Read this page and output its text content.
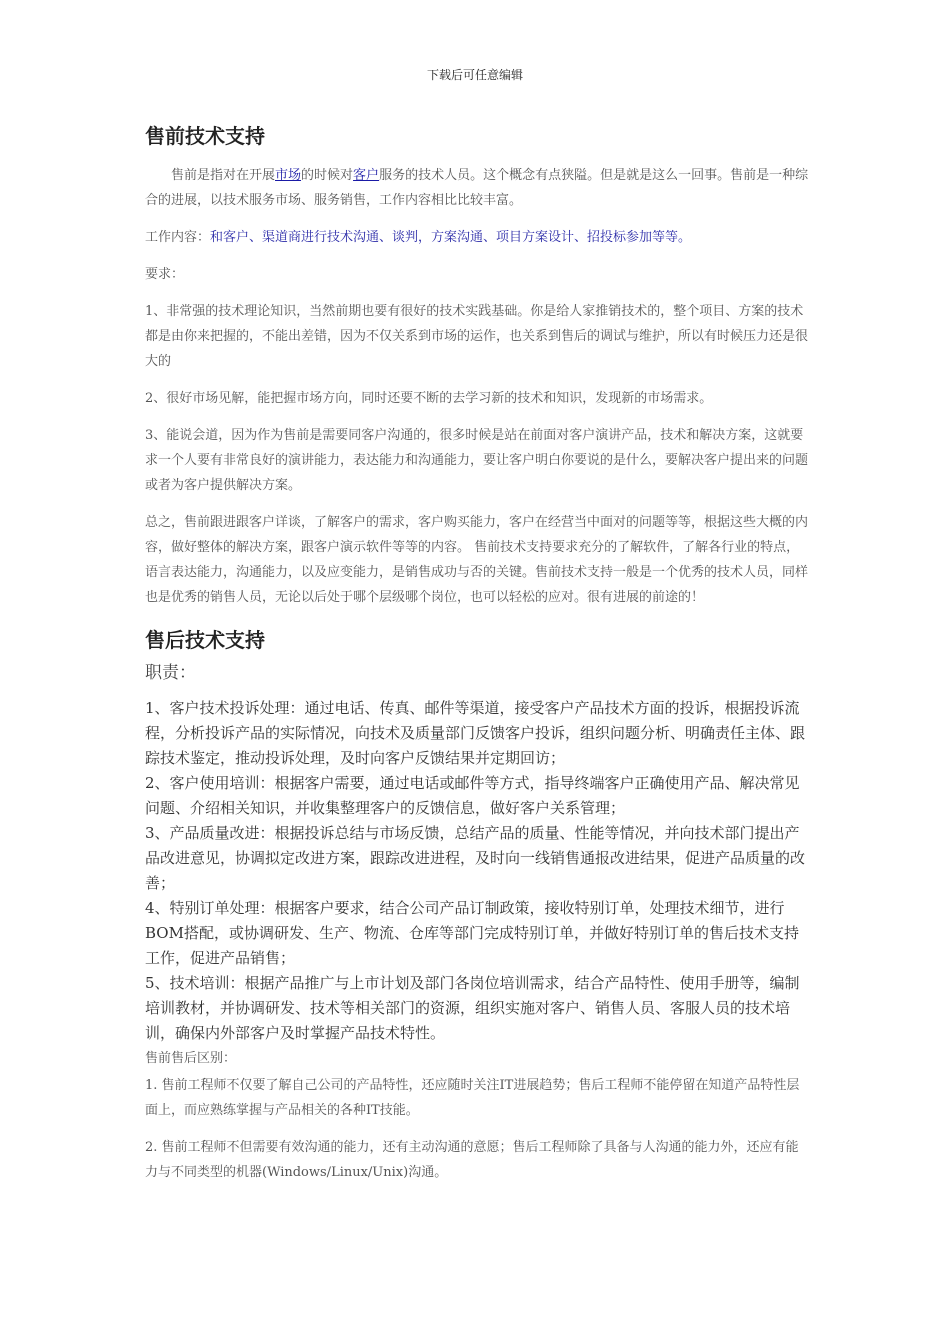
下载后可任意编辑
售前技术支持

售前是指对在开展市场的时候对客户服务的技术人员。这个概念有点狭隘。但是就是这么一回事。售前是一种综合的进展，以技术服务市场、服务销售，工作内容相比比较丰富。

工作内容：和客户、渠道商进行技术沟通、谈判，方案沟通、项目方案设计、招投标参加等等。

要求：

1、非常强的技术理论知识，当然前期也要有很好的技术实践基础。你是给人家推销技术的，整个项目、方案的技术都是由你来把握的，不能出差错，因为不仅关系到市场的运作，也关系到售后的调试与维护，所以有时候压力还是很大的

2、很好市场见解，能把握市场方向，同时还要不断的去学习新的技术和知识，发现新的市场需求。

3、能说会道，因为作为售前是需要同客户沟通的，很多时候是站在前面对客户演讲产品，技术和解决方案，这就要求一个人要有非常良好的演讲能力，表达能力和沟通能力，要让客户明白你要说的是什么，要解决客户提出来的问题或者为客户提供解决方案。

总之，售前跟进跟客户详谈，了解客户的需求，客户购买能力，客户在经营当中面对的问题等等，根据这些大概的内容，做好整体的解决方案，跟客户演示软件等等的内容。 售前技术支持要求充分的了解软件，了解各行业的特点，语言表达能力，沟通能力，以及应变能力，是销售成功与否的关键。售前技术支持一般是一个优秀的技术人员，同样也是优秀的销售人员，无论以后处于哪个层级哪个岗位，也可以轻松的应对。很有进展的前途的！

售后技术支持

职责：

1、客户技术投诉处理：通过电话、传真、邮件等渠道，接受客户产品技术方面的投诉，根据投诉流程，分析投诉产品的实际情况，向技术及质量部门反馈客户投诉，组织问题分析、明确责任主体、跟踪技术鉴定，推动投诉处理，及时向客户反馈结果并定期回访；

2、客户使用培训：根据客户需要，通过电话或邮件等方式，指导终端客户正确使用产品、解决常见问题、介绍相关知识，并收集整理客户的反馈信息，做好客户关系管理；

3、产品质量改进：根据投诉总结与市场反馈，总结产品的质量、性能等情况，并向技术部门提出产品改进意见，协调拟定改进方案，跟踪改进进程，及时向一线销售通报改进结果，促进产品质量的改善；

4、特别订单处理：根据客户要求，结合公司产品订制政策，接收特别订单，处理技术细节，进行BOM搭配，或协调研发、生产、物流、仓库等部门完成特别订单，并做好特别订单的售后技术支持工作，促进产品销售；

5、技术培训：根据产品推广与上市计划及部门各岗位培训需求，结合产品特性、使用手册等，编制培训教材，并协调研发、技术等相关部门的资源，组织实施对客户、销售人员、客服人员的技术培训，确保内外部客户及时掌握产品技术特性。

售前售后区别：

1. 售前工程师不仅要了解自己公司的产品特性，还应随时关注IT进展趋势；售后工程师不能停留在知道产品特性层面上，而应熟练掌握与产品相关的各种IT技能。

2. 售前工程师不但需要有效沟通的能力，还有主动沟通的意愿；售后工程师除了具备与人沟通的能力外，还应有能力与不同类型的机器(Windows/Linux/Unix)沟通。
